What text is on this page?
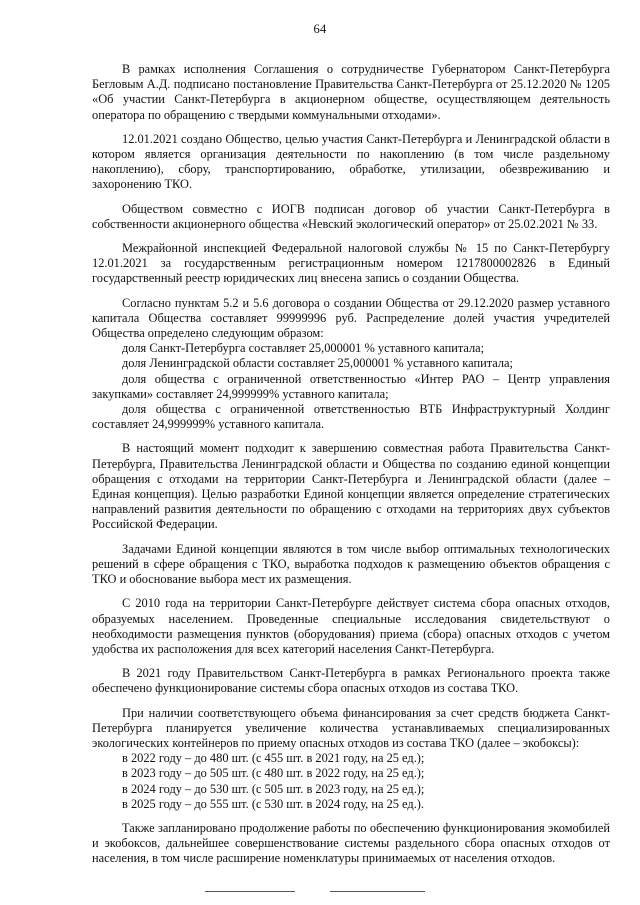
64

В рамках исполнения Соглашения о сотрудничестве Губернатором Санкт-Петербурга Бегловым А.Д. подписано постановление Правительства Санкт-Петербурга от 25.12.2020 № 1205 «Об участии Санкт-Петербурга в акционерном обществе, осуществляющем деятельность оператора по обращению с твердыми коммунальными отходами».

12.01.2021 создано Общество, целью участия Санкт-Петербурга и Ленинградской области в котором является организация деятельности по накоплению (в том числе раздельному накоплению), сбору, транспортированию, обработке, утилизации, обезвреживанию и захоронению ТКО.

Обществом совместно с ИОГВ подписан договор об участии Санкт-Петербурга в собственности акционерного общества «Невский экологический оператор» от 25.02.2021 № 33.

Межрайонной инспекцией Федеральной налоговой службы № 15 по Санкт-Петербургу 12.01.2021 за государственным регистрационным номером 1217800002826 в Единый государственный реестр юридических лиц внесена запись о создании Общества.

Согласно пунктам 5.2 и 5.6 договора о создании Общества от 29.12.2020 размер уставного капитала Общества составляет 99999996 руб. Распределение долей участия учредителей Общества определено следующим образом:

доля Санкт-Петербурга составляет 25,000001 % уставного капитала;

доля Ленинградской области составляет 25,000001 % уставного капитала;

доля общества с ограниченной ответственностью «Интер РАО – Центр управления закупками» составляет 24,999999% уставного капитала;

доля общества с ограниченной ответственностью ВТБ Инфраструктурный Холдинг составляет 24,999999% уставного капитала.

В настоящий момент подходит к завершению совместная работа Правительства Санкт-Петербурга, Правительства Ленинградской области и Общества по созданию единой концепции обращения с отходами на территории Санкт-Петербурга и Ленинградской области (далее – Единая концепция). Целью разработки Единой концепции является определение стратегических направлений развития деятельности по обращению с отходами на территориях двух субъектов Российской Федерации.

Задачами Единой концепции являются в том числе выбор оптимальных технологических решений в сфере обращения с ТКО, выработка подходов к размещению объектов обращения с ТКО и обоснование выбора мест их размещения.

С 2010 года на территории Санкт-Петербурге действует система сбора опасных отходов, образуемых населением. Проведенные специальные исследования свидетельствуют о необходимости размещения пунктов (оборудования) приема (сбора) опасных отходов с учетом удобства их расположения для всех категорий населения Санкт-Петербурга.

В 2021 году Правительством Санкт-Петербурга в рамках Регионального проекта также обеспечено функционирование системы сбора опасных отходов из состава ТКО.

При наличии соответствующего объема финансирования за счет средств бюджета Санкт-Петербурга планируется увеличение количества устанавливаемых специализированных экологических контейнеров по приему опасных отходов из состава ТКО (далее – экобоксы):

в 2022 году – до 480 шт. (с 455 шт. в 2021 году, на 25 ед.);

в 2023 году – до 505 шт. (с 480 шт. в 2022 году, на 25 ед.);

в 2024 году – до 530 шт. (с 505 шт. в 2023 году, на 25 ед.);

в 2025 году – до 555 шт. (с 530 шт. в 2024 году, на 25 ед.).

Также запланировано продолжение работы по обеспечению функционирования экомобилей и экобоксов, дальнейшее совершенствование системы раздельного сбора опасных отходов от населения, в том числе расширение номенклатуры принимаемых от населения отходов.
